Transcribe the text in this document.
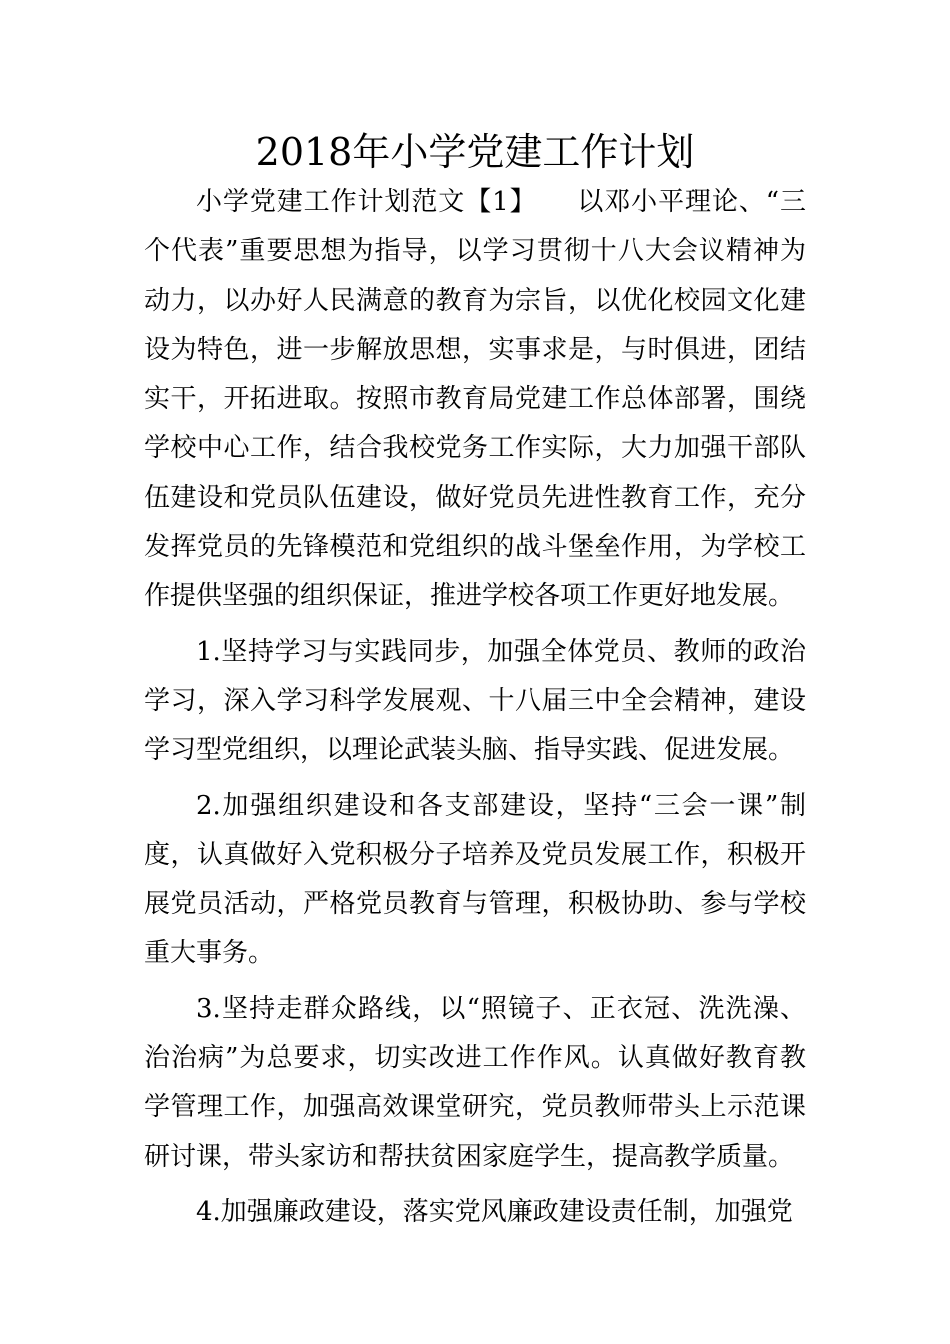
2018年小学党建工作计划

小学党建工作计划范文【1】　　以邓小平理论、“三个代表”重要思想为指导，以学习贯彻十八大会议精神为动力，以办好人民满意的教育为宗旨，以优化校园文化建设为特色，进一步解放思想，实事求是，与时俱进，团结实干，开拓进取。按照市教育局党建工作总体部署，围绕学校中心工作，结合我校党务工作实际，大力加强干部队伍建设和党员队伍建设，做好党员先进性教育工作，充分发挥党员的先锋模范和党组织的战斗堡垒作用，为学校工作提供坚强的组织保证，推进学校各项工作更好地发展。

1.坚持学习与实践同步，加强全体党员、教师的政治学习，深入学习科学发展观、十八届三中全会精神，建设学习型党组织，以理论武装头脑、指导实践、促进发展。

2.加强组织建设和各支部建设，坚持“三会一课”制度，认真做好入党积极分子培养及党员发展工作，积极开展党员活动，严格党员教育与管理，积极协助、参与学校重大事务。

3.坚持走群众路线，以“照镜子、正衣冠、洗洗澡、治治病”为总要求，切实改进工作作风。认真做好教育教学管理工作，加强高效课堂研究，党员教师带头上示范课研讨课，带头家访和帮扶贫困家庭学生，提高教学质量。

4.加强廉政建设，落实党风廉政建设责任制，加强党
